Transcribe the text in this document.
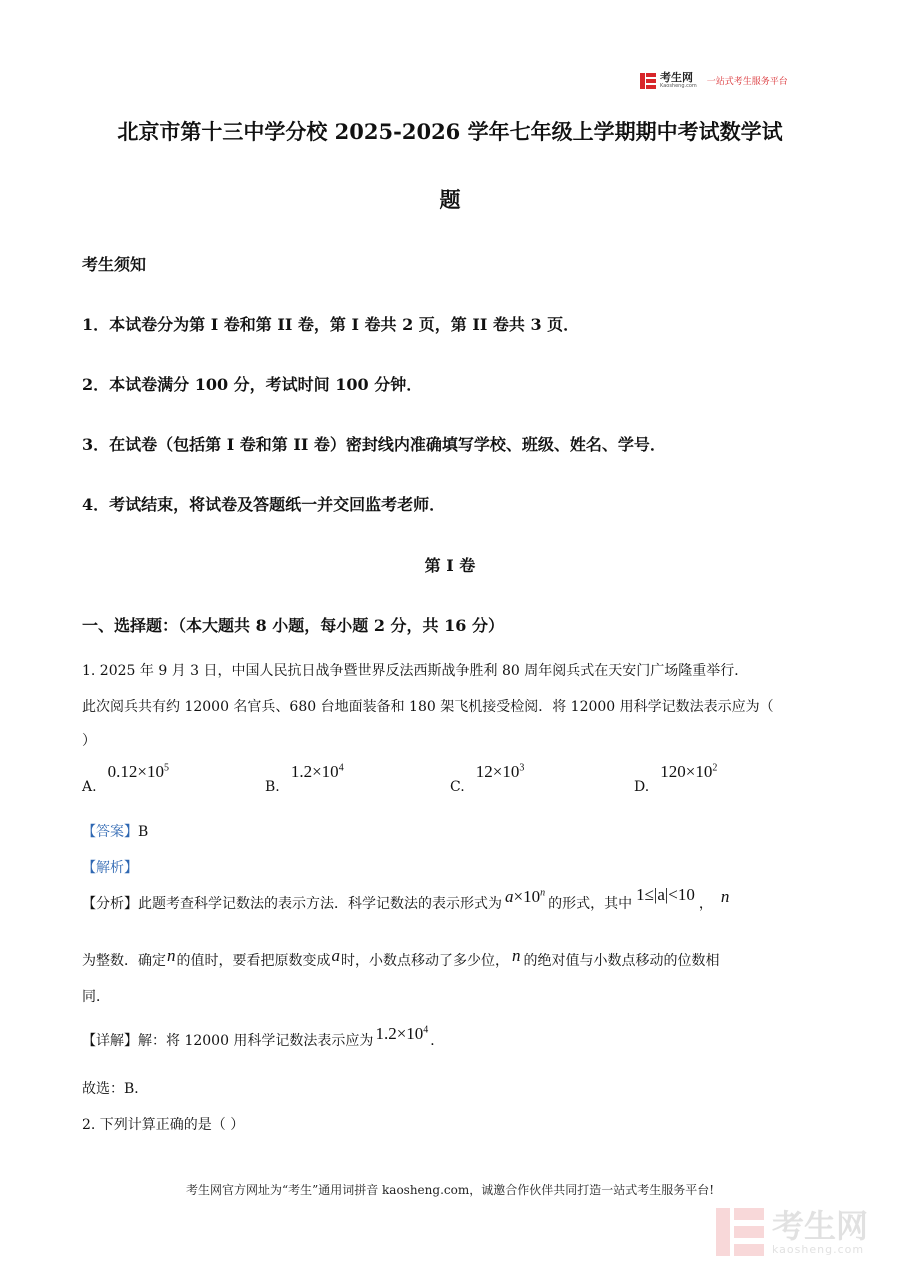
考生网
Kaosheng.com 一站式考生服务平台
北京市第十三中学分校 2025-2026 学年七年级上学期期中考试数学试
题
考生须知
1．本试卷分为第 I 卷和第 II 卷，第 I 卷共 2 页，第 II 卷共 3 页．
2．本试卷满分 100 分，考试时间 100 分钟．
3．在试卷（包括第 I 卷和第 II 卷）密封线内准确填写学校、班级、姓名、学号．
4．考试结束，将试卷及答题纸一并交回监考老师．
第 I 卷
一、选择题：（本大题共 8 小题，每小题 2 分，共 16 分）
1. 2025 年 9 月 3 日，中国人民抗日战争暨世界反法西斯战争胜利 80 周年阅兵式在天安门广场隆重举行．
此次阅兵共有约 12000 名官兵、680 台地面装备和 180 架飞机接受检阅．将 12000 用科学记数法表示应为（
）
A. $0.12\times 10^5$
B. $1.2\times 10^4$
C. $12\times 10^3$
D. $120\times 10^2$
【答案】B
【解析】
【分析】此题考查科学记数法的表示方法．科学记数法的表示形式为 $a\times 10^n$
的形式，其中 1≤|a|<10 ， n
为整数．确定 n 的值时，要看把原数变成 a 时，小数点移动了多少位， n 的绝对值与小数点移动的位数相
同．
【详解】解：将 12000 用科学记数法表示应为 $1.2\times 10^4$
．
故选：B．
2. 下列计算正确的是（ ）
考生网官方网址为“考生”通用词拼音 kaosheng.com，诚邀合作伙伴共同打造一站式考生服务平台!
考生网
kaosheng.com
